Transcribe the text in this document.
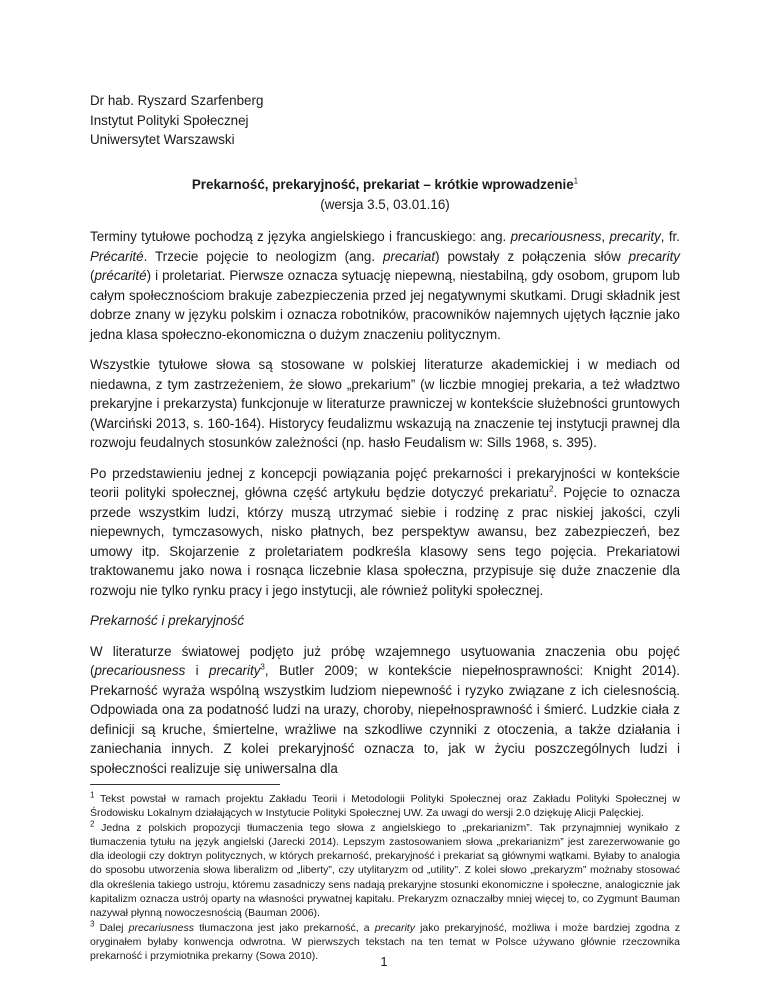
Dr hab. Ryszard Szarfenberg
Instytut Polityki Społecznej
Uniwersytet Warszawski
Prekarność, prekaryjność, prekariat – krótkie wprowadzenie$^1$
(wersja 3.5, 03.01.16)

Terminy tytułowe pochodzą z języka angielskiego i francuskiego: ang. precariousness, precarity, fr. Précarité. Trzecie pojęcie to neologizm (ang. precariat) powstały z połączenia słów precarity (précarité) i proletariat. Pierwsze oznacza sytuację niepewną, niestabilną, gdy osobom, grupom lub całym społecznościom brakuje zabezpieczenia przed jej negatywnymi skutkami. Drugi składnik jest dobrze znany w języku polskim i oznacza robotników, pracowników najemnych ujętych łącznie jako jedna klasa społeczno-ekonomiczna o dużym znaczeniu politycznym.

Wszystkie tytułowe słowa są stosowane w polskiej literaturze akademickiej i w mediach od niedawna, z tym zastrzeżeniem, że słowo „prekarium” (w liczbie mnogiej prekaria, a też władztwo prekaryjne i prekarzysta) funkcjonuje w literaturze prawniczej w kontekście służebności gruntowych (Warciński 2013, s. 160-164). Historycy feudalizmu wskazują na znaczenie tej instytucji prawnej dla rozwoju feudalnych stosunków zależności (np. hasło Feudalism w: Sills 1968, s. 395).

Po przedstawieniu jednej z koncepcji powiązania pojęć prekarności i prekaryjności w kontekście teorii polityki społecznej, główna część artykułu będzie dotyczyć prekariatu$^2$. Pojęcie to oznacza przede wszystkim ludzi, którzy muszą utrzymać siebie i rodzinę z prac niskiej jakości, czyli niepewnych, tymczasowych, nisko płatnych, bez perspektyw awansu, bez zabezpieczeń, bez umowy itp. Skojarzenie z proletariatem podkreśla klasowy sens tego pojęcia. Prekariatowi traktowanemu jako nowa i rosnąca liczebnie klasa społeczna, przypisuje się duże znaczenie dla rozwoju nie tylko rynku pracy i jego instytucji, ale również polityki społecznej.

Prekarność i prekaryjność

W literaturze światowej podjęto już próbę wzajemnego usytuowania znaczenia obu pojęć (precariousness i precarity$^3$, Butler 2009; w kontekście niepełnosprawności: Knight 2014). Prekarność wyraża wspólną wszystkim ludziom niepewność i ryzyko związane z ich cielesnością. Odpowiada ona za podatność ludzi na urazy, choroby, niepełnosprawność i śmierć. Ludzkie ciała z definicji są kruche, śmiertelne, wrażliwe na szkodliwe czynniki z otoczenia, a także działania i zaniechania innych. Z kolei prekaryjność oznacza to, jak w życiu poszczególnych ludzi i społeczności realizuje się uniwersalna dla

$^1$ Tekst powstał w ramach projektu Zakładu Teorii i Metodologii Polityki Społecznej oraz Zakładu Polityki Społecznej w Środowisku Lokalnym działających w Instytucie Polityki Społecznej UW. Za uwagi do wersji 2.0 dziękuję Alicji Palęckiej.

$^2$ Jedna z polskich propozycji tłumaczenia tego słowa z angielskiego to „prekarianizm”. Tak przynajmniej wynikało z tłumaczenia tytułu na język angielski (Jarecki 2014). Lepszym zastosowaniem słowa „prekarianizm” jest zarezerwowanie go dla ideologii czy doktryn politycznych, w których prekarność, prekaryjność i prekariat są głównymi wątkami. Byłaby to analogia do sposobu utworzenia słowa liberalizm od „liberty”, czy utylitaryzm od „utility”. Z kolei słowo „prekaryzm” możnaby stosować dla określenia takiego ustroju, któremu zasadniczy sens nadają prekaryjne stosunki ekonomiczne i społeczne, analogicznie jak kapitalizm oznacza ustrój oparty na własności prywatnej kapitału. Prekaryzm oznaczałby mniej więcej to, co Zygmunt Bauman nazywał płynną nowoczesnością (Bauman 2006).

$^3$ Dalej precariusness tłumaczona jest jako prekarność, a precarity jako prekaryjność, możliwa i może bardziej zgodna z oryginałem byłaby konwencja odwrotna. W pierwszych tekstach na ten temat w Polsce używano głównie rzeczownika prekarność i przymiotnika prekarny (Sowa 2010).	1
